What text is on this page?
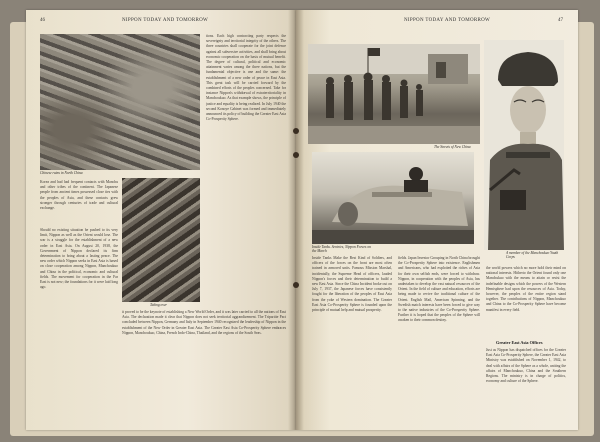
46	NIPPON TODAY AND TOMORROW
Chinese ruins in North China

Korea and had had frequent contacts with Manchu and other tribes of the continent. The Japanese people from ancient times possessed close ties with the peoples of Asia, and these contacts grew stronger through centuries of trade and cultural exchange.

Taking over

Should no existing situation be pushed to its very limit, Nippon as well as the Orient would lose. The war is a struggle for the establishment of a new order in East Asia. On August 20, 1938, the Government of Nippon declared its firm determination to bring about a lasting peace. The new order which Nippon seeks in East Asia is based on close cooperation among Nippon, Manchoukuo and China in the political, economic and cultural fields. The movement for cooperation in the Far East is not new; the foundations for it were laid long ago.

tions. Each high contracting party respects the sovereignty and territorial integrity of the others. The three countries shall cooperate for the joint defence against all subversive activities, and shall bring about economic cooperation on the basis of mutual benefit. The degree of cultural, political and economic attainment varies among the three nations, but the fundamental objective is one and the same: the establishment of a new order of peace in East Asia. This great task will be carried forward by the combined efforts of the peoples concerned. Take for instance Nippon's withdrawal of extraterritoriality in Manchoukuo. As that example shows, the principle of justice and equality is being realized. In July 1940 the second Konoye Cabinet was formed and immediately announced its policy of building the Greater East Asia Co-Prosperity Sphere.

it proved to be the keynote of establishing a New World Order, and it was later carried to all the nations of East Asia. The declaration made it clear that Nippon does not seek territorial aggrandizement. The Tripartite Pact concluded between Nippon, Germany and Italy in September 1940 recognized the leadership of Nippon in the establishment of the New Order in Greater East Asia. The Greater East Asia Co-Prosperity Sphere embraces Nippon, Manchoukuo, China, French Indo-China, Thailand, and the regions of the South Seas.

NIPPON TODAY AND TOMORROW	47
The Streets of New China
Inside Tanks. Sentries, Nippon Forces on the March
A member of the Manchoukuo Youth Corps

Inside Tanks Make the Best Kind of Soldiers, and officers of the forces on the front are most often trained in armored units. Famous Mission Marshal, incidentally, the Supreme Head of officers, lauded Nippon's forces and their determination to build a new East Asia. Since the China Incident broke out on July 7, 1937, the Japanese forces have consistently fought for the liberation of the peoples of East Asia from the yoke of Western domination. The Greater East Asia Co-Prosperity Sphere is founded upon the principle of mutual help and mutual prosperity.

fields. Japan Investor Grouping in North China brought the Co-Prosperity Sphere into existence. Englishmen and Americans, who had exploited the riches of Asia for their own selfish ends, were forced to withdraw. Nippon, in cooperation with the peoples of Asia, has undertaken to develop the vast natural resources of the Orient. In the field of culture and education, efforts are being made to revive the traditional culture of the Orient. English Mail, American Spinning, and the Swedish match interests have been forced to give way to the native industries of the Co-Prosperity Sphere. Further it is hoped that the peoples of the Sphere will awaken to their common destiny.

the world powers which no more hold their mind on national interests. Hitherto the Orient found only one Manchukuo with the means to attain or resist the indefinable designs which the powers of the Western Hemisphere had upon the resources of Asia. Today, however, the peoples of the entire region stand together. The contributions of Nippon, Manchoukuo and China to the Co-Prosperity Sphere have become manifest in every field.

Greater East Asia Offices

Just as Nippon has dispatched offices for the Greater East Asia Co-Prosperity Sphere, the Greater East Asia Ministry was established on November 1, 1942, to deal with affairs of the Sphere as a whole, uniting the affairs of Manchoukuo, China and the Southern Regions. The ministry is in charge of politics, economy and culture of the Sphere.
